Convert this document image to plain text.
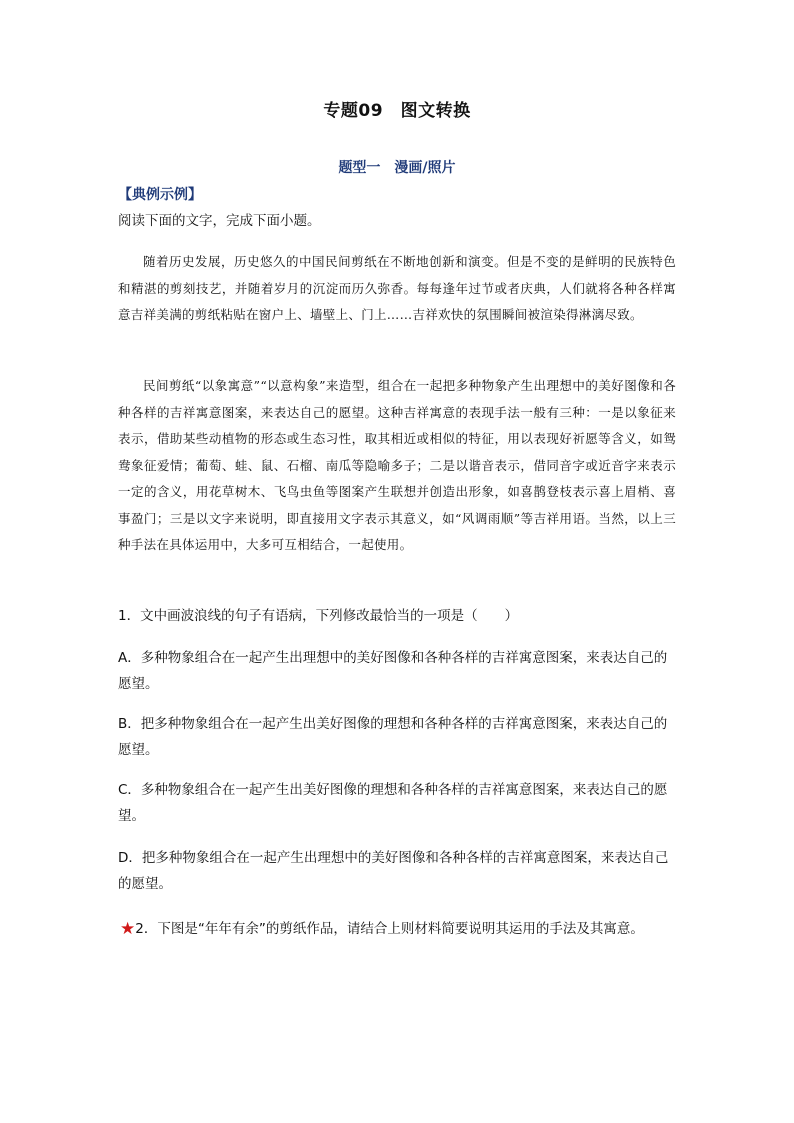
专题09　图文转换
题型一　漫画/照片
【典例示例】
阅读下面的文字，完成下面小题。
随着历史发展，历史悠久的中国民间剪纸在不断地创新和演变。但是不变的是鲜明的民族特色和精湛的剪刻技艺，并随着岁月的沉淀而历久弥香。每每逢年过节或者庆典，人们就将各种各样寓意吉祥美满的剪纸粘贴在窗户上、墙壁上、门上……吉祥欢快的氛围瞬间被渲染得淋漓尽致。
民间剪纸“以象寓意”“以意构象”来造型，组合在一起把多种物象产生出理想中的美好图像和各种各样的吉祥寓意图案，来表达自己的愿望。这种吉祥寓意的表现手法一般有三种：一是以象征来表示，借助某些动植物的形态或生态习性，取其相近或相似的特征，用以表现好祈愿等含义，如鸳鸯象征爱情；葡萄、蛙、鼠、石榴、南瓜等隐喻多子；二是以谐音表示，借同音字或近音字来表示一定的含义，用花草树木、飞鸟虫鱼等图案产生联想并创造出形象，如喜鹊登枝表示喜上眉梢、喜事盈门；三是以文字来说明，即直接用文字表示其意义，如“风调雨顺”等吉祥用语。当然，以上三种手法在具体运用中，大多可互相结合，一起使用。
1．文中画波浪线的句子有语病，下列修改最恰当的一项是（　　）
A．多种物象组合在一起产生出理想中的美好图像和各种各样的吉祥寓意图案，来表达自己的愿望。
B．把多种物象组合在一起产生出美好图像的理想和各种各样的吉祥寓意图案，来表达自己的愿望。
C．多种物象组合在一起产生出美好图像的理想和各种各样的吉祥寓意图案，来表达自己的愿望。
D．把多种物象组合在一起产生出理想中的美好图像和各种各样的吉祥寓意图案，来表达自己的愿望。
★2．下图是“年年有余”的剪纸作品，请结合上则材料简要说明其运用的手法及其寓意。
